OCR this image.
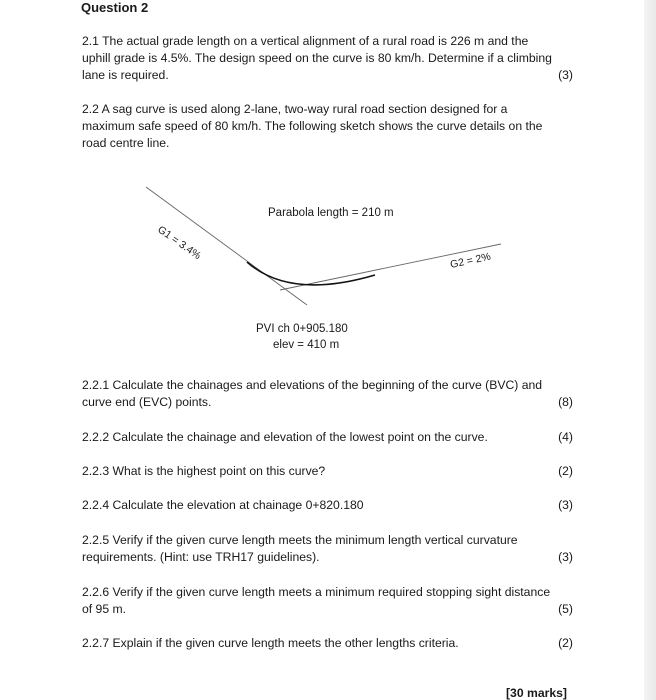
Question 2
2.1 The actual grade length on a vertical alignment of a rural road is 226 m and the
uphill grade is 4.5%. The design speed on the curve is 80 km/h. Determine if a climbing
lane is required.	(3)
2.2 A sag curve is used along 2-lane, two-way rural road section designed for a
maximum safe speed of 80 km/h. The following sketch shows the curve details on the
road centre line.
Parabola length = 210 m
G1 = 3.4%	G2 = 2%
PVI ch 0+905.180
elev = 410 m
2.2.1 Calculate the chainages and elevations of the beginning of the curve (BVC) and
curve end (EVC) points.	(8)
2.2.2 Calculate the chainage and elevation of the lowest point on the curve.	(4)
2.2.3 What is the highest point on this curve?	(2)
2.2.4 Calculate the elevation at chainage 0+820.180	(3)
2.2.5 Verify if the given curve length meets the minimum length vertical curvature
requirements. (Hint: use TRH17 guidelines).	(3)
2.2.6 Verify if the given curve length meets a minimum required stopping sight distance
of 95 m.	(5)
2.2.7 Explain if the given curve length meets the other lengths criteria.	(2)
[30 marks]
